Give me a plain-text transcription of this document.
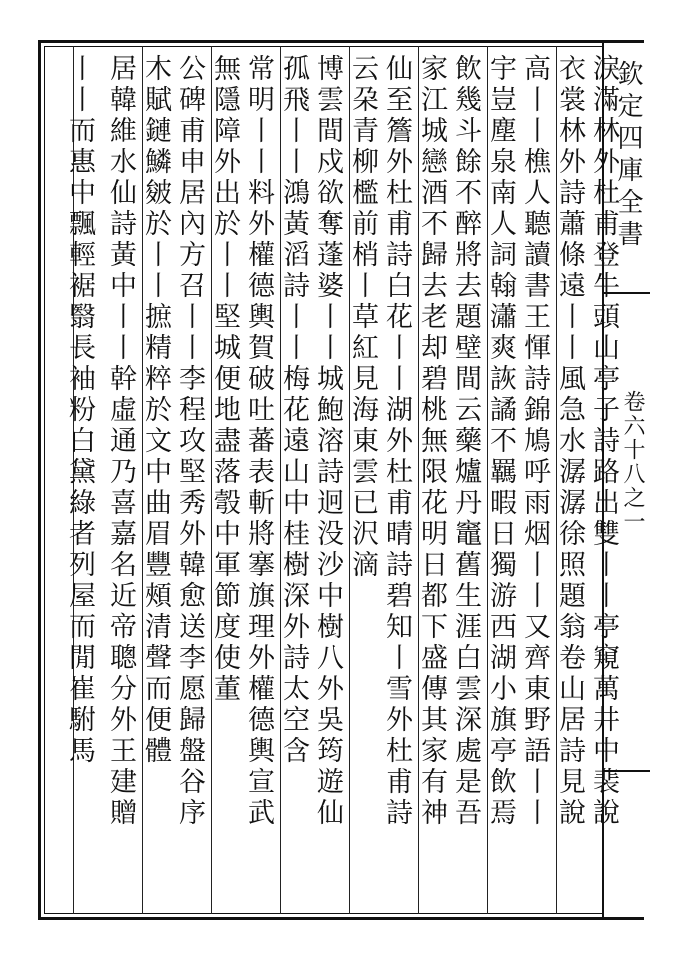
欽定四庫全書
卷六十八之一
淚滿林外杜甫登牛頭山亭子詩路出雙丨丨亭窺萬井中裴說
衣裳林外詩蕭條遠丨丨風急水潺潺徐照題翁卷山居詩見說
高丨丨樵人聽讀書王惲詩錦鳩呼雨烟丨丨又齊東野語丨丨
宇豈塵泉南人詞翰瀟爽詼譎不羈暇日獨游西湖小旗亭飲焉
飲幾斗餘不醉將去題壁間云藥爐丹竈舊生涯白雲深處是吾
家江城戀酒不歸去老却碧桃無限花明日都下盛傳其家有神
仙至簷外杜甫詩白花丨丨湖外杜甫晴詩碧知丨雪外杜甫詩
云朶青柳檻前梢丨草紅見海東雲已沢滴
博雲間戍欲奪蓬婆丨丨城鮑溶詩迥没沙中樹八外吳筠遊仙
孤飛丨丨鴻黃滔詩丨丨梅花遠山中桂樹深外詩太空含
常明丨丨料外權德輿賀破吐蕃表斬將搴旗理外權德輿宣武
無隱障外出於丨丨堅城便地盡落彀中軍節度使董
公碑甫申居內方召丨丨李程攻堅秀外韓愈送李愿歸盤谷序
木賦鏈鱗皴於丨丨摭精粹於文中曲眉豐頰清聲而便體
居韓維水仙詩黃中丨丨幹虛通乃喜嘉名近帝聰分外王建贈
丨丨而惠中飄輕裾翳長袖粉白黛綠者列屋而閒崔駙馬
